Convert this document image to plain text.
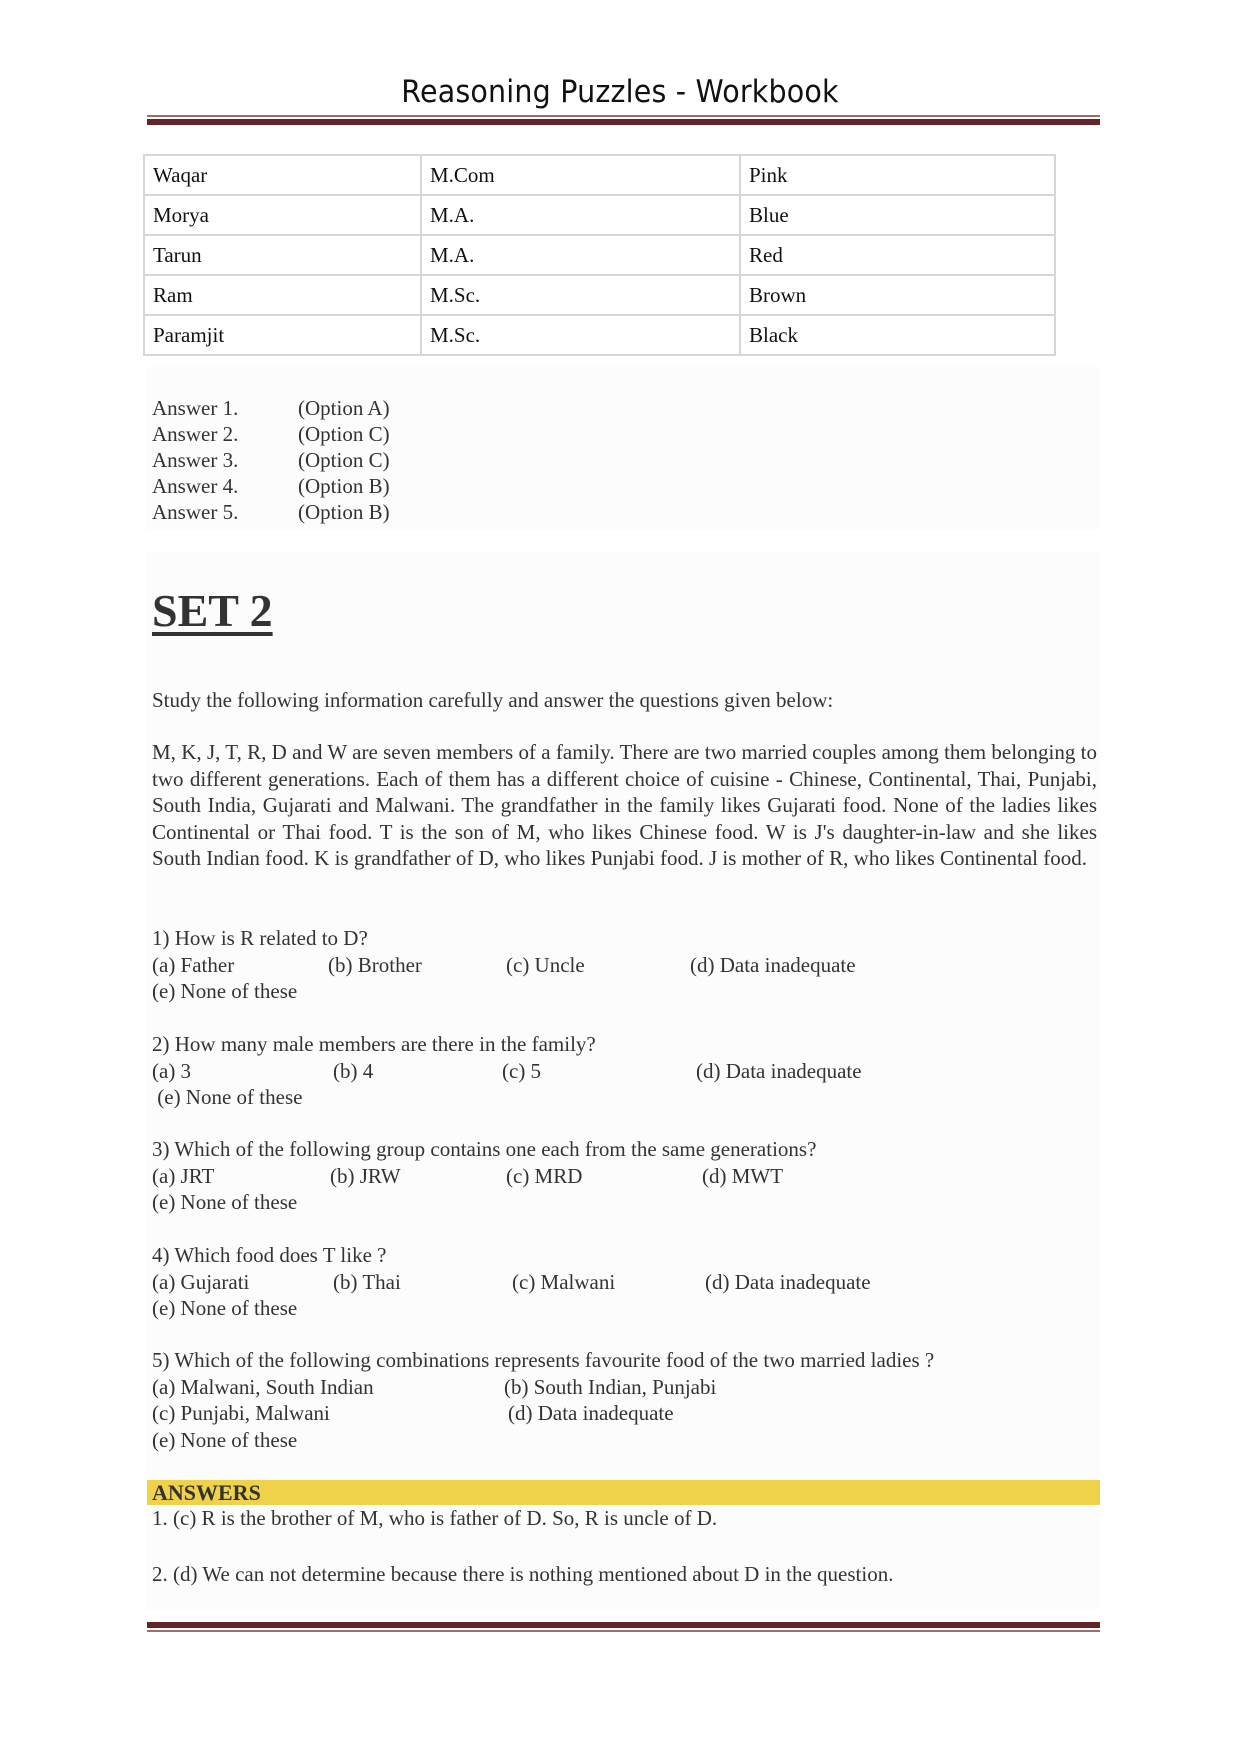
Reasoning Puzzles - Workbook
Waqar	M.Com	Pink
Morya	M.A.	Blue
Tarun	M.A.	Red
Ram	M.Sc.	Brown
Paramjit	M.Sc.	Black
Answer 1.	(Option A)
Answer 2.	(Option C)
Answer 3.	(Option C)
Answer 4.	(Option B)
Answer 5.	(Option B)
SET 2
Study the following information carefully and answer the questions given below:
M, K, J, T, R, D and W are seven members of a family. There are two married couples among them belonging to two different generations. Each of them has a different choice of cuisine - Chinese, Continental, Thai, Punjabi, South India, Gujarati and Malwani. The grandfather in the family likes Gujarati food. None of the ladies likes Continental or Thai food. T is the son of M, who likes Chinese food. W is J's daughter-in-law and she likes South Indian food. K is grandfather of D, who likes Punjabi food. J is mother of R, who likes Continental food.
1) How is R related to D?
(a) Father	(b) Brother	(c) Uncle	(d) Data inadequate
(e) None of these
2) How many male members are there in the family?
(a) 3	(b) 4	(c) 5	(d) Data inadequate
(e) None of these
3) Which of the following group contains one each from the same generations?
(a) JRT	(b) JRW	(c) MRD	(d) MWT
(e) None of these
4) Which food does T like ?
(a) Gujarati	(b) Thai	(c) Malwani	(d) Data inadequate
(e) None of these
5) Which of the following combinations represents favourite food of the two married ladies ?
(a) Malwani, South Indian	(b) South Indian, Punjabi
(c) Punjabi, Malwani	(d) Data inadequate
(e) None of these
ANSWERS
1. (c) R is the brother of M, who is father of D. So, R is uncle of D.
2. (d) We can not determine because there is nothing mentioned about D in the question.
